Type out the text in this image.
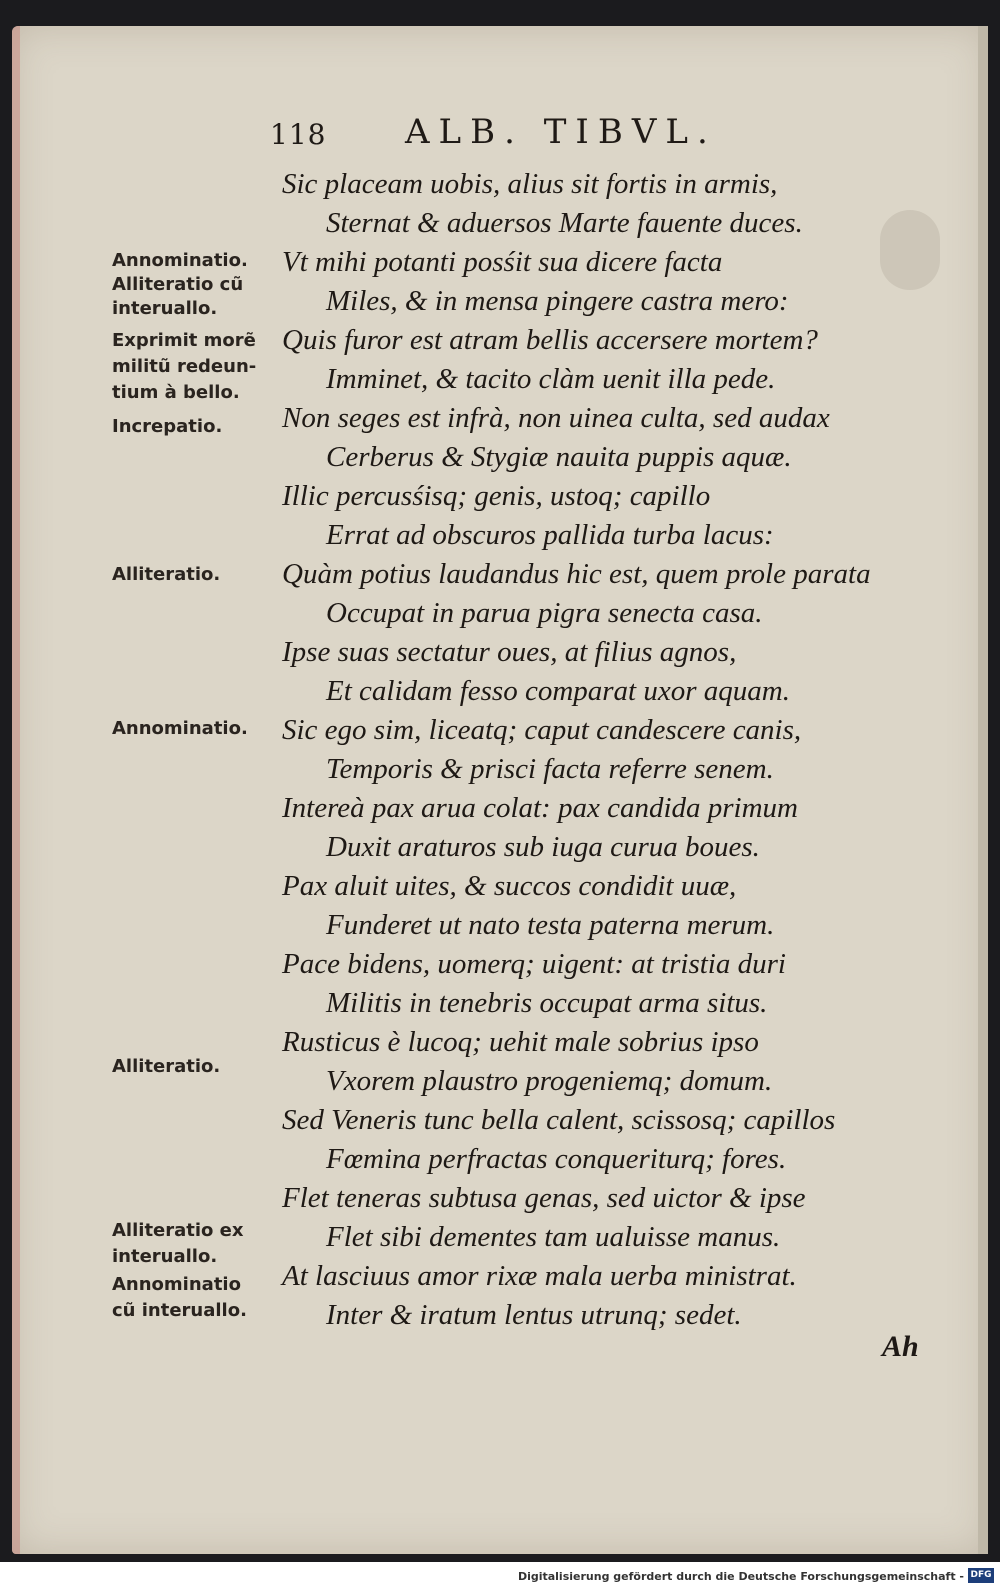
118 ALB. TIBVL.
Sic placeam uobis, alius sit fortis in armis,
Sternat & aduersos Marte fauente duces.
Vt mihi potanti posśit sua dicere facta
Miles, & in mensa pingere castra mero:
Quis furor est atram bellis accersere mortem?
Imminet, & tacito clàm uenit illa pede.
Non seges est infrà, non uinea culta, sed audax
Cerberus & Stygiæ nauita puppis aquæ.
Illic percusśisq; genis, ustoq; capillo
Errat ad obscuros pallida turba lacus:
Quàm potius laudandus hic est, quem prole parata
Occupat in parua pigra senecta casa.
Ipse suas sectatur oues, at filius agnos,
Et calidam fesso comparat uxor aquam.
Sic ego sim, liceatq; caput candescere canis,
Temporis & prisci facta referre senem.
Intereà pax arua colat: pax candida primum
Duxit araturos sub iuga curua boues.
Pax aluit uites, & succos condidit uuæ,
Funderet ut nato testa paterna merum.
Pace bidens, uomerq; uigent: at tristia duri
Militis in tenebris occupat arma situs.
Rusticus è lucoq; uehit male sobrius ipso
Vxorem plaustro progeniemq; domum.
Sed Veneris tunc bella calent, scissosq; capillos
Fœmina perfractas conqueriturq; fores.
Flet teneras subtusa genas, sed uictor & ipse
Flet sibi dementes tam ualuisse manus.
At lasciuus amor rixæ mala uerba ministrat.
Inter & iratum lentus utrunq; sedet.
Annominatio.
Alliteratio cũ
interuallo.
Exprimit morẽ
militũ redeun-
tium à bello.
Increpatio.
Alliteratio.
Annominatio.
Alliteratio.
Alliteratio ex
interuallo.
Annominatio
cũ interuallo.
Ah
Digitalisierung gefördert durch die Deutsche Forschungsgemeinschaft - DFG
